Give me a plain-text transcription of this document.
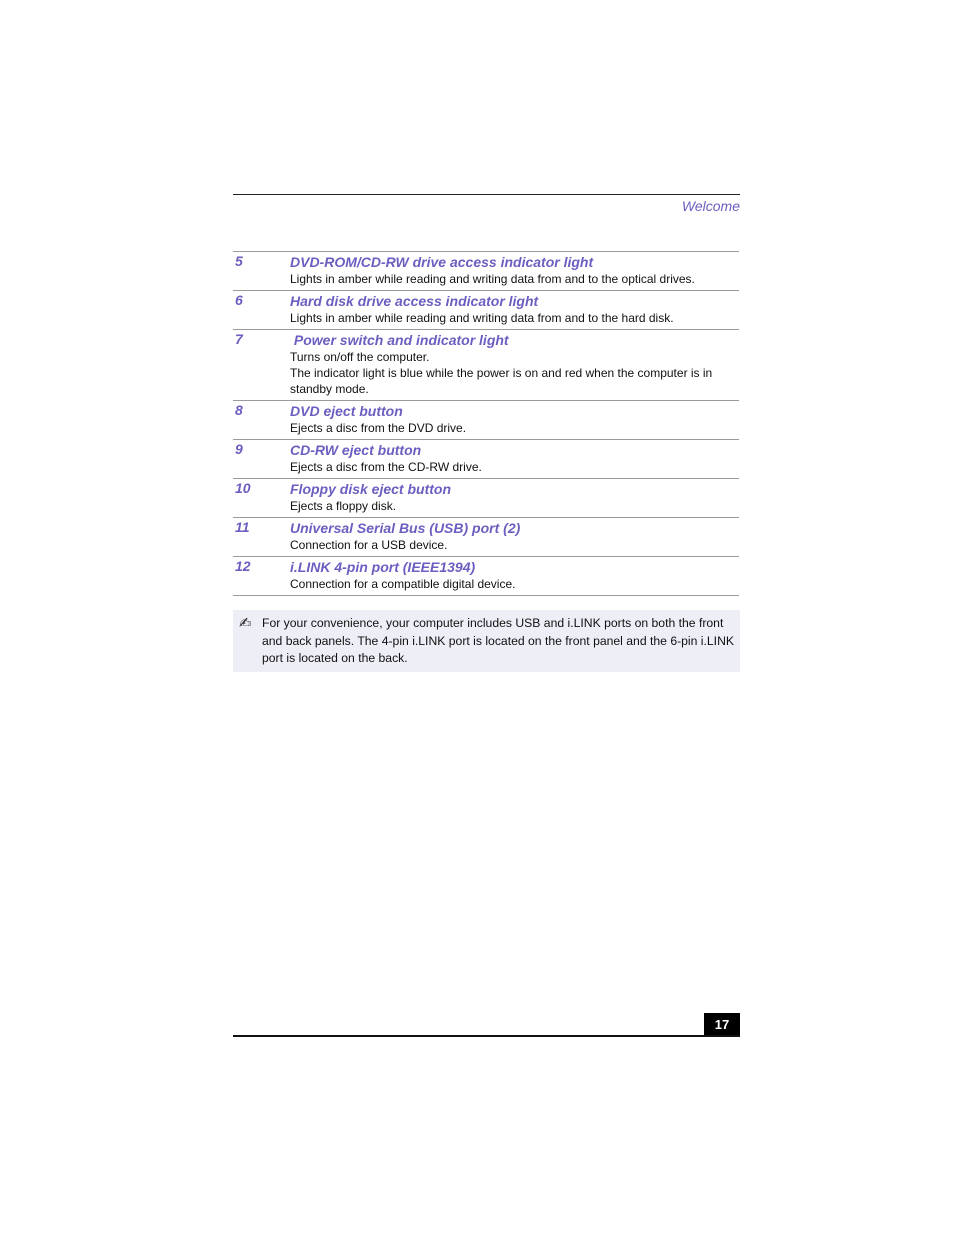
Welcome
5	DVD-ROM/CD-RW drive access indicator light

Lights in amber while reading and writing data from and to the optical drives.

6	Hard disk drive access indicator light

Lights in amber while reading and writing data from and to the hard disk.

7	Power switch and indicator light

Turns on/off the computer.

The indicator light is blue while the power is on and red when the computer is in standby mode.

8	DVD eject button

Ejects a disc from the DVD drive.

9	CD-RW eject button

Ejects a disc from the CD-RW drive.

10	Floppy disk eject button

Ejects a floppy disk.

11	Universal Serial Bus (USB) port (2)

Connection for a USB device.

12	i.LINK 4-pin port (IEEE1394)

Connection for a compatible digital device.

✍ For your convenience, your computer includes USB and i.LINK ports on both the front and back panels. The 4-pin i.LINK port is located on the front panel and the 6-pin i.LINK port is located on the back.
17
